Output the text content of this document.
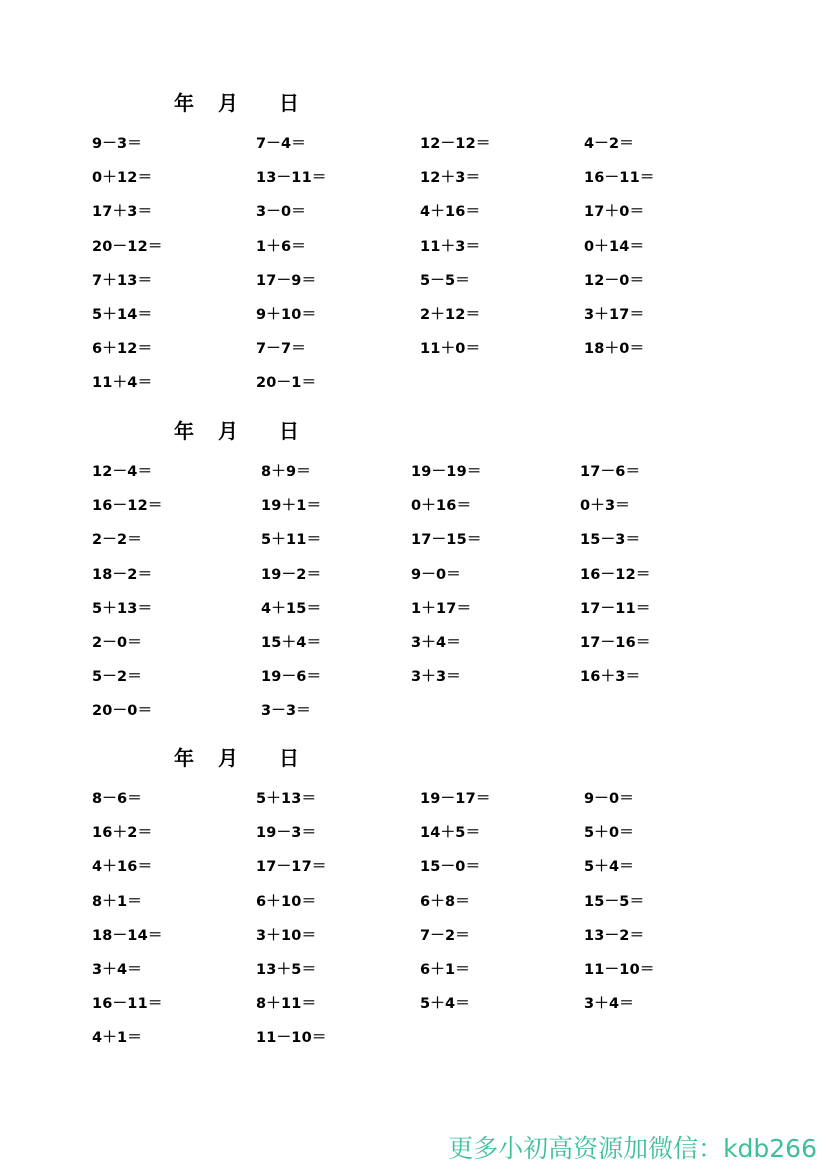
年 月 日
9－3＝
0＋12＝
17＋3＝
20－12＝
7＋13＝
5＋14＝
6＋12＝
11＋4＝
7－4＝
13－11＝
3－0＝
1＋6＝
17－9＝
9＋10＝
7－7＝
20－1＝
12－12＝
12＋3＝
4＋16＝
11＋3＝
5－5＝
2＋12＝
11＋0＝
4－2＝
16－11＝
17＋0＝
0＋14＝
12－0＝
3＋17＝
18＋0＝
年 月 日
12－4＝
16－12＝
2－2＝
18－2＝
5＋13＝
2－0＝
5－2＝
20－0＝
8＋9＝
19＋1＝
5＋11＝
19－2＝
4＋15＝
15＋4＝
19－6＝
3－3＝
19－19＝
0＋16＝
17－15＝
9－0＝
1＋17＝
3＋4＝
3＋3＝
17－6＝
0＋3＝
15－3＝
16－12＝
17－11＝
17－16＝
16＋3＝
年 月 日
8－6＝
16＋2＝
4＋16＝
8＋1＝
18－14＝
3＋4＝
16－11＝
4＋1＝
5＋13＝
19－3＝
17－17＝
6＋10＝
3＋10＝
13＋5＝
8＋11＝
11－10＝
19－17＝
14＋5＝
15－0＝
6＋8＝
7－2＝
6＋1＝
5＋4＝
9－0＝
5＋0＝
5＋4＝
15－5＝
13－2＝
11－10＝
3＋4＝
更多小初高资源加微信：kdb266
